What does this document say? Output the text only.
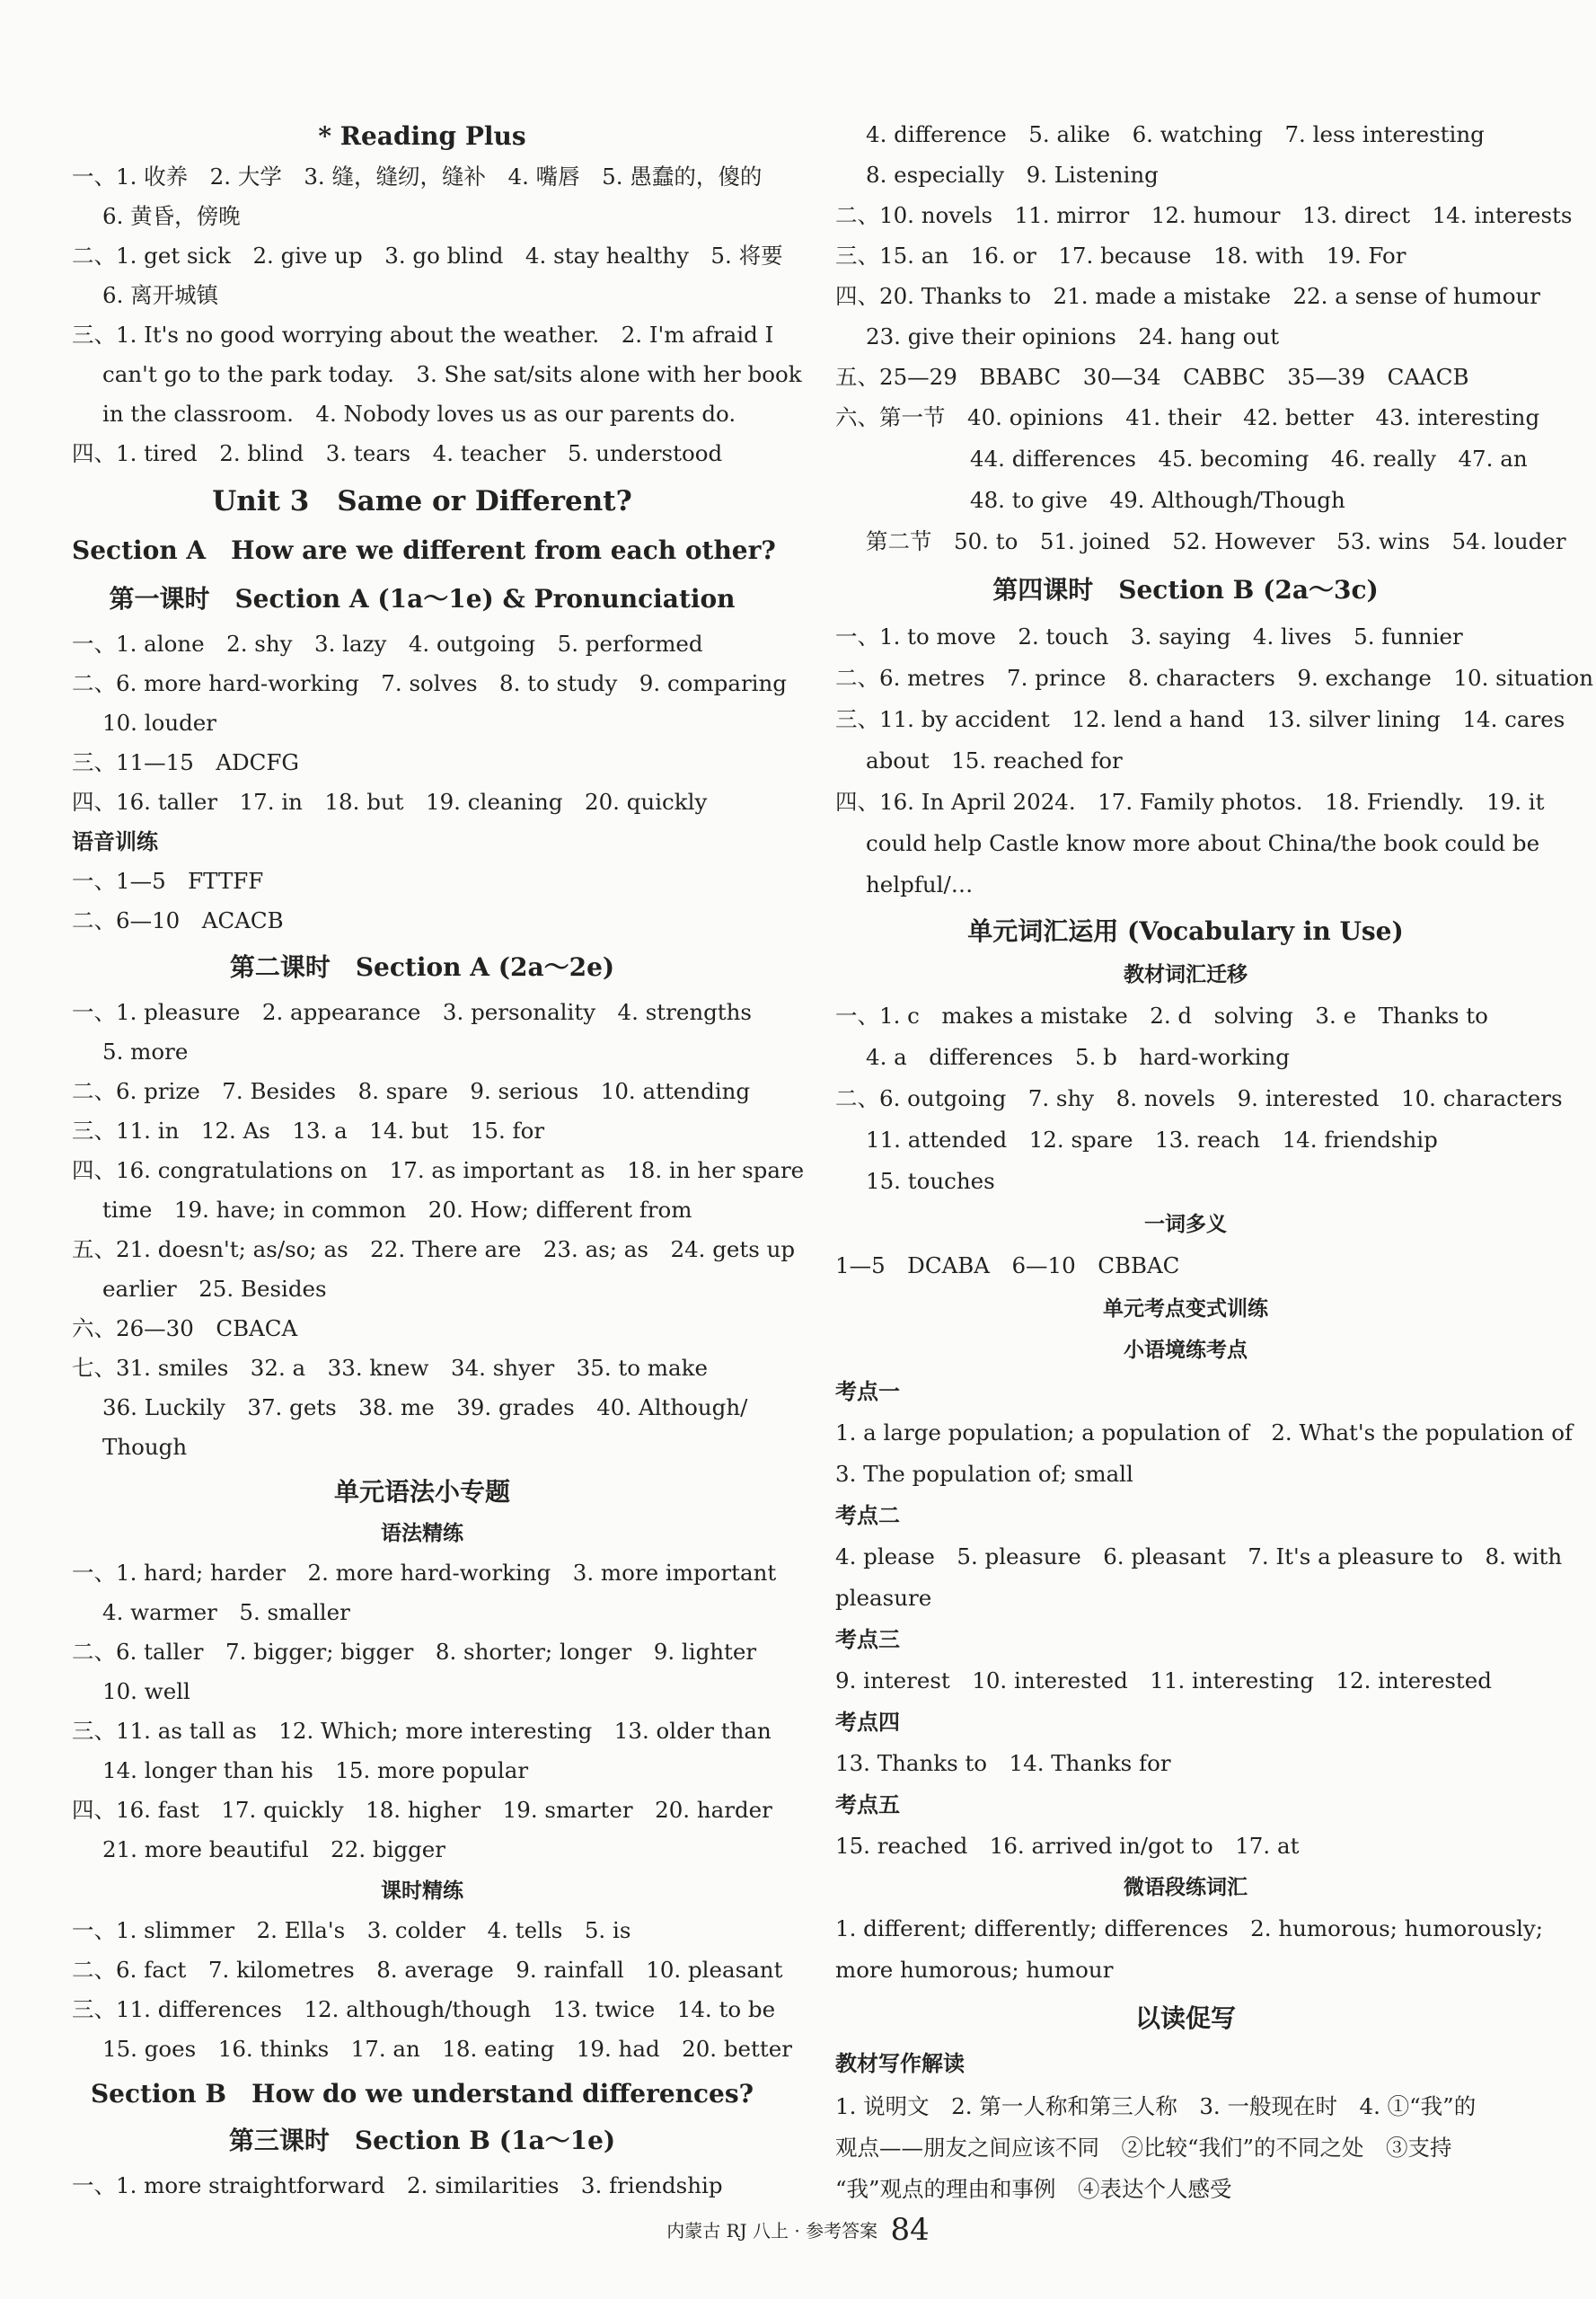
* Reading Plus
一、1. 收养　2. 大学　3. 缝，缝纫，缝补　4. 嘴唇　5. 愚蠢的，傻的
6. 黄昏，傍晚
二、1. get sick　2. give up　3. go blind　4. stay healthy　5. 将要
6. 离开城镇
三、1. It's no good worrying about the weather.　2. I'm afraid I
can't go to the park today.　3. She sat/sits alone with her book
in the classroom.　4. Nobody loves us as our parents do.
四、1. tired　2. blind　3. tears　4. teacher　5. understood
Unit 3　Same or Different?
Section A　How are we different from each other?
第一课时　Section A (1a～1e) & Pronunciation
一、1. alone　2. shy　3. lazy　4. outgoing　5. performed
二、6. more hard-working　7. solves　8. to study　9. comparing
10. louder
三、11—15　ADCFG
四、16. taller　17. in　18. but　19. cleaning　20. quickly
语音训练
一、1—5　FTTFF
二、6—10　ACACB
第二课时　Section A (2a～2e)
一、1. pleasure　2. appearance　3. personality　4. strengths
5. more
二、6. prize　7. Besides　8. spare　9. serious　10. attending
三、11. in　12. As　13. a　14. but　15. for
四、16. congratulations on　17. as important as　18. in her spare
time　19. have; in common　20. How; different from
五、21. doesn't; as/so; as　22. There are　23. as; as　24. gets up
earlier　25. Besides
六、26—30　CBACA
七、31. smiles　32. a　33. knew　34. shyer　35. to make
36. Luckily　37. gets　38. me　39. grades　40. Although/
Though
单元语法小专题
语法精练
一、1. hard; harder　2. more hard-working　3. more important
4. warmer　5. smaller
二、6. taller　7. bigger; bigger　8. shorter; longer　9. lighter
10. well
三、11. as tall as　12. Which; more interesting　13. older than
14. longer than his　15. more popular
四、16. fast　17. quickly　18. higher　19. smarter　20. harder
21. more beautiful　22. bigger
课时精练
一、1. slimmer　2. Ella's　3. colder　4. tells　5. is
二、6. fact　7. kilometres　8. average　9. rainfall　10. pleasant
三、11. differences　12. although/though　13. twice　14. to be
15. goes　16. thinks　17. an　18. eating　19. had　20. better
Section B　How do we understand differences?
第三课时　Section B (1a～1e)
一、1. more straightforward　2. similarities　3. friendship
4. difference　5. alike　6. watching　7. less interesting
8. especially　9. Listening
二、10. novels　11. mirror　12. humour　13. direct　14. interests
三、15. an　16. or　17. because　18. with　19. For
四、20. Thanks to　21. made a mistake　22. a sense of humour
23. give their opinions　24. hang out
五、25—29　BBABC　30—34　CABBC　35—39　CAACB
六、第一节　40. opinions　41. their　42. better　43. interesting
44. differences　45. becoming　46. really　47. an
48. to give　49. Although/Though
第二节　50. to　51. joined　52. However　53. wins　54. louder
第四课时　Section B (2a～3c)
一、1. to move　2. touch　3. saying　4. lives　5. funnier
二、6. metres　7. prince　8. characters　9. exchange　10. situation
三、11. by accident　12. lend a hand　13. silver lining　14. cares
about　15. reached for
四、16. In April 2024.　17. Family photos.　18. Friendly.　19. it
could help Castle know more about China/the book could be
helpful/…
单元词汇运用 (Vocabulary in Use)
教材词汇迁移
一、1. c　makes a mistake　2. d　solving　3. e　Thanks to
4. a　differences　5. b　hard-working
二、6. outgoing　7. shy　8. novels　9. interested　10. characters
11. attended　12. spare　13. reach　14. friendship
15. touches
一词多义
1—5　DCABA　6—10　CBBAC
单元考点变式训练
小语境练考点
考点一
1. a large population; a population of　2. What's the population of
3. The population of; small
考点二
4. please　5. pleasure　6. pleasant　7. It's a pleasure to　8. with
pleasure
考点三
9. interest　10. interested　11. interesting　12. interested
考点四
13. Thanks to　14. Thanks for
考点五
15. reached　16. arrived in/got to　17. at
微语段练词汇
1. different; differently; differences　2. humorous; humorously;
more humorous; humour
以读促写
教材写作解读
1. 说明文　2. 第一人称和第三人称　3. 一般现在时　4. ①“我”的
观点——朋友之间应该不同　②比较“我们”的不同之处　③支持
“我”观点的理由和事例　④表达个人感受
内蒙古 RJ 八上 · 参考答案 84
